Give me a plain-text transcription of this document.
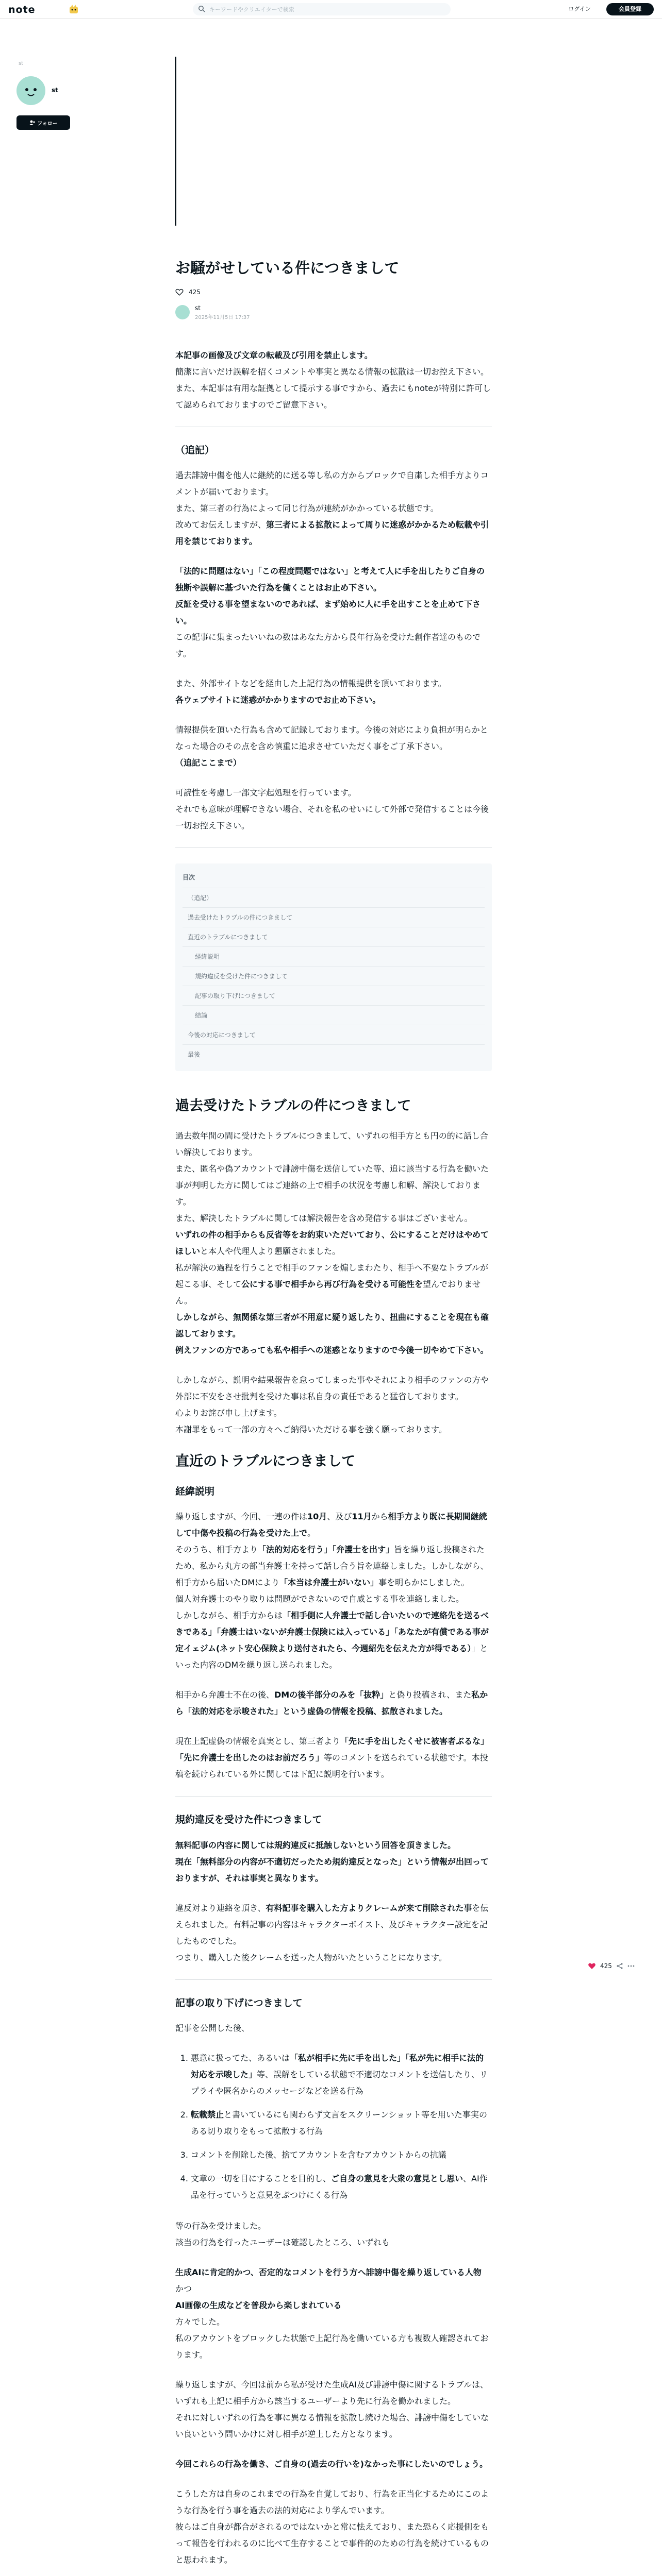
note
キーワードやクリエイターで検索	ログイン	会員登録
st
st
フォロー
お騒がせしている件につきまして
425
st
2025年11月5日 17:37
本記事の画像及び文章の転載及び引用を禁止します。
簡潔に言いだけ誤解を招くコメントや事実と異なる情報の拡散は一切お控え下さい。
また、本記事は有用な証拠として提示する事ですから、過去にもnoteが特別に許可して認められておりますのでご留意下さい。
（追記）
過去誹謗中傷を他人に継続的に送る等し私の方からブロックで自粛した相手方よりコメントが届いております。
また、第三者の行為によって同じ行為が連続がかかっている状態です。
改めてお伝えしますが、第三者による拡散によって周りに迷惑がかかるため転載や引用を禁じております。
「法的に問題はない」「この程度問題ではない」と考えて人に手を出したりご自身の独断や誤解に基づいた行為を働くことはお止め下さい。
反証を受ける事を望まないのであれば、まず始めに人に手を出すことを止めて下さい。
この記事に集まったいいねの数はあなた方から長年行為を受けた創作者達のものです。
また、外部サイトなどを経由した上記行為の情報提供を頂いております。
各ウェブサイトに迷惑がかかりますのでお止め下さい。
情報提供を頂いた行為も含めて記録しております。今後の対応により負担が明らかとなった場合のその点を含め慎重に追求させていただく事をご了承下さい。
（追記ここまで）
可読性を考慮し一部文字起処理を行っています。
それでも意味が理解できない場合、それを私のせいにして外部で発信することは今後一切お控え下さい。
目次
（追記）
過去受けたトラブルの件につきまして
直近のトラブルにつきまして
経緯説明
規約違反を受けた件につきまして
記事の取り下げにつきまして
結論
今後の対応につきまして
最後
過去受けたトラブルの件につきまして
過去数年間の間に受けたトラブルにつきまして、いずれの相手方とも円の的に話し合い解決しております。
また、匿名や偽アカウントで誹謗中傷を送信していた等、追に該当する行為を働いた事が判明した方に関してはご連絡の上で相手の状況を考慮し和解、解決しております。
また、解決したトラブルに関しては解決報告を含め発信する事はございません。
いずれの件の相手からも反省等をお約束いただいており、公にすることだけはやめてほしいと本人や代理人より懇願されました。
私が解決の過程を行うことで相手のファンを煽しまわたり、相手へ不要なトラブルが起こる事、そして公にする事で相手から再び行為を受ける可能性を望んでおりません。
しかしながら、無関係な第三者が不用意に疑り返したり、扭曲にすることを現在も確認しております。
例えファンの方であっても私や相手への迷惑となりますので今後一切やめて下さい。
しかしながら、説明や結果報告を怠ってしまった事やそれにより相手のファンの方や外部に不安をさせ批判を受けた事は私自身の責任であると猛省しております。
心よりお詫び申し上げます。
本謝罪をもって一部の方々へご納得いただける事を強く願っております。
直近のトラブルにつきまして
経緯説明
繰り返しますが、今回、一連の件は10月、及び11月から相手方より既に長期間継続して中傷や投稿の行為を受けた上で。
そのうち、相手方より「法的対応を行う」「弁護士を出す」旨を繰り返し投稿されたため、私から丸方の部当弁護士を持って話し合う旨を連絡しました。しかしながら、相手方から届いたDMにより「本当は弁護士がいない」事を明らかにしました。
個人対弁護士のやり取りは問題ができないので自威とする事を連絡しました。
しかしながら、相手方からは「相手側に人弁護士で話し合いたいので連絡先を送るべきである」「弁護士はいないが弁護士保険には入っている」「あなたが有償である事が定イェジム(ネット安心保険より送付されたら、今週紹先を伝えた方が得である）」といった内容のDMを繰り返し送られました。
相手から弁護士不在の後、DMの後半部分のみを「抜粋」と偽り投稿され、また私から「法的対応を示唆された」という虚偽の情報を投稿、拡散されました。
現在上記虚偽の情報を真実とし、第三者より「先に手を出したくせに被害者ぶるな」「先に弁護士を出したのはお前だろう」等のコメントを送られている状態です。本投稿を続けられている外に関しては下記に説明を行います。
規約違反を受けた件につきまして
無料記事の内容に関しては規約違反に抵触しないという回答を頂きました。
現在「無料部分の内容が不適切だったため規約違反となった」という情報が出回っておりますが、それは事実と異なります。
違反対より連絡を頂き、有料記事を購入した方よりクレームが来て削除された事を伝えられました。有料記事の内容はキャラクターボイスト、及びキャラクター設定を記したものでした。
つまり、購入した後クレームを送った人物がいたということになります。
記事の取り下げにつきまして
記事を公開した後、
1. 悪意に扱ってた、あるいは「私が相手に先に手を出した」「私が先に相手に法的対応を示唆した」等、誤解をしている状態で不適切なコメントを送信したり、リプライや匿名からのメッセージなどを送る行為
2. 転載禁止と書いているにも関わらず文言をスクリーンショット等を用いた事実のある切り取りをもって拡散する行為
3. コメントを削除した後、捨てアカウントを含むアカウントからの抗議
4. 文章の一切を目にすることを目的し、ご自身の意見を大衆の意見とし思い、AI作品を行っていうと意見をぶつけにくる行為
等の行為を受けました。
該当の行為を行ったユーザーは確認したところ、いずれも
生成AIに肯定的かつ、否定的なコメントを行う方へ誹謗中傷を繰り返している人物
かつ
AI画像の生成などを普段から楽しまれている
方々でした。
私のアカウントをブロックした状態で上記行為を働いている方も複数人確認されております。
繰り返しますが、今回は前から私が受けた生成AI及び誹謗中傷に関するトラブルは、
いずれも上記に相手方から該当するユーザーより先に行為を働かれました。
それに対しいずれの行為を事に異なる情報を拡散し続けた場合、誹謗中傷をしていない良いという問いかけに対し相手が逆上した方となります。
今回これらの行為を働き、ご自身の(過去の行いを)なかった事にしたいのでしょう。
こうした方は自身のこれまでの行為を自覚しており、行為を正当化するためにこのような行為を行う事を過去の法的対応により学んでいます。
彼らはご自身が都合がされるのではないかと常に怯えており、また恐らく応援側をもって報告を行われるのに比べて生存することで事件的のための行為を続けているものと思われます。
425
